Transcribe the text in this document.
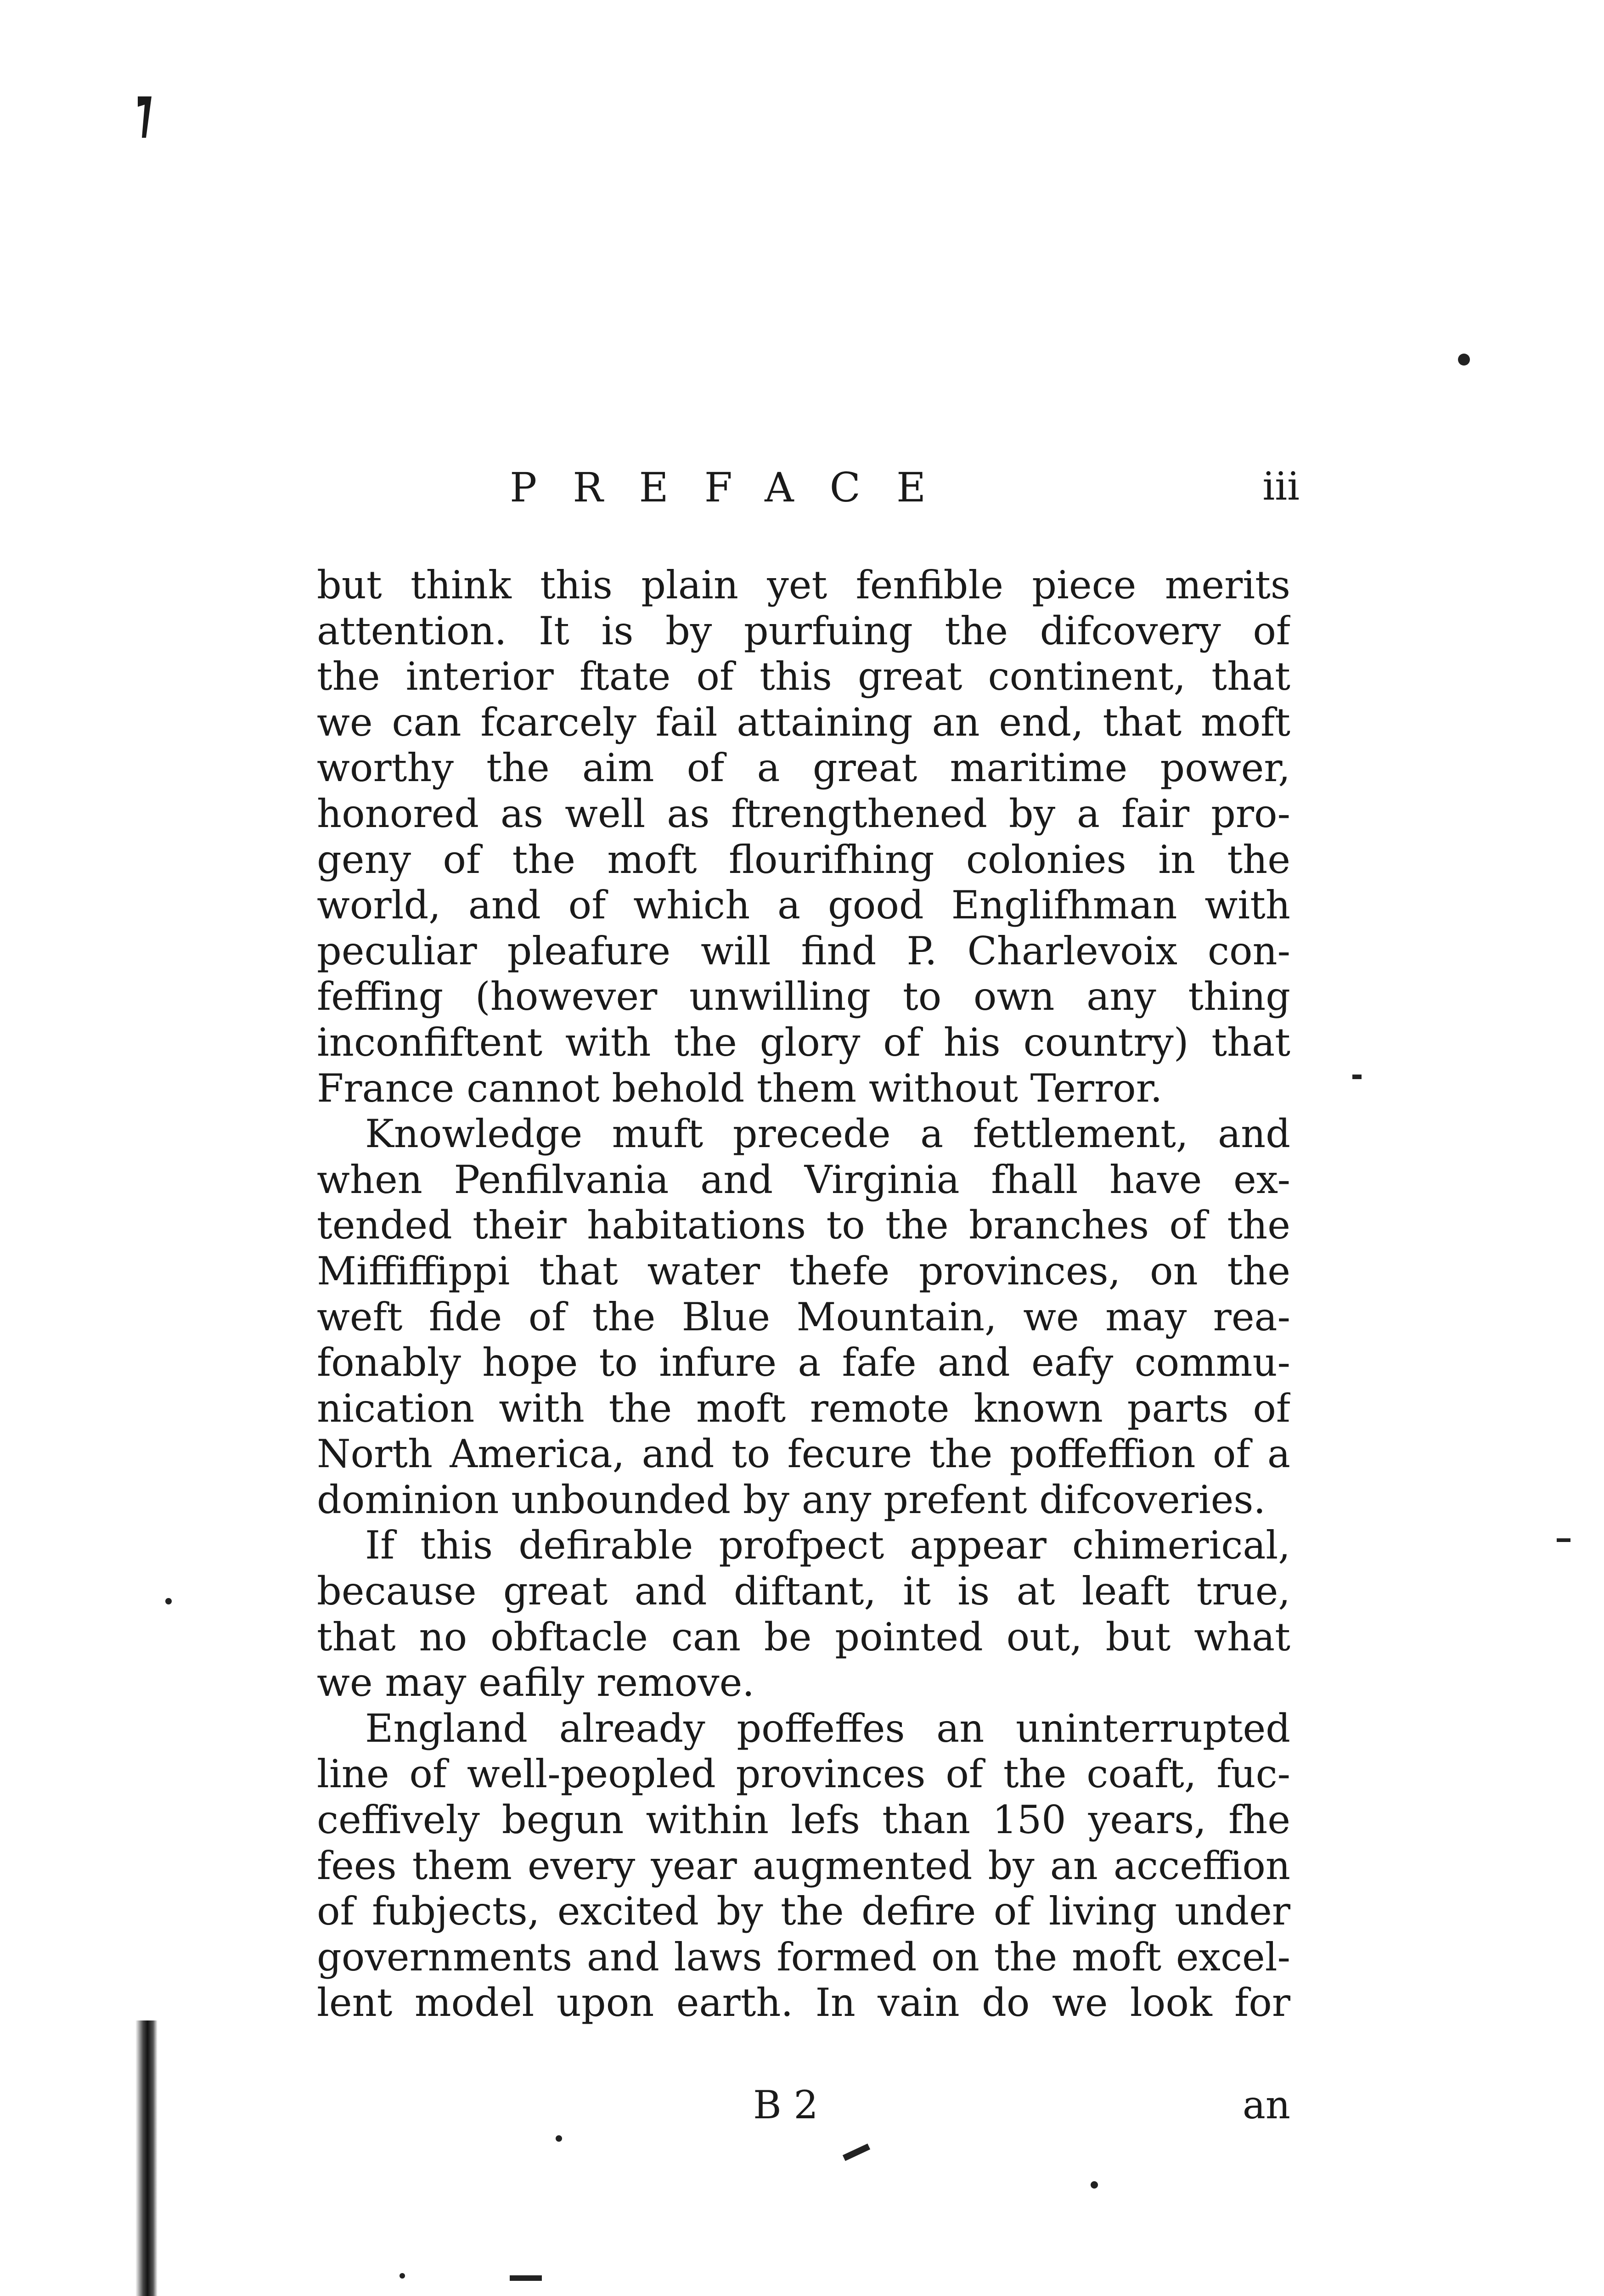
PREFACE	iii
but think this plain yet fenfible piece merits
attention. It is by purfuing the difcovery of
the interior ftate of this great continent, that
we can fcarcely fail attaining an end, that moft
worthy the aim of a great maritime power,
honored as well as ftrengthened by a fair pro-
geny of the moft flourifhing colonies in the
world, and of which a good Englifhman with
peculiar pleafure will find P. Charlevoix con-
feffing (however unwilling to own any thing
inconfiftent with the glory of his country) that
France cannot behold them without Terror.
Knowledge muft precede a fettlement, and
when Penfilvania and Virginia fhall have ex-
tended their habitations to the branches of the
Miffiffippi that water thefe provinces, on the
weft fide of the Blue Mountain, we may rea-
fonably hope to infure a fafe and eafy commu-
nication with the moft remote known parts of
North America, and to fecure the poffeffion of a
dominion unbounded by any prefent difcoveries.
If this defirable profpect appear chimerical,
because great and diftant, it is at leaft true,
that no obftacle can be pointed out, but what
we may eafily remove.
England already poffeffes an uninterrupted
line of well-peopled provinces of the coaft, fuc-
ceffively begun within lefs than 150 years, fhe
fees them every year augmented by an acceffion
of fubjects, excited by the defire of living under
governments and laws formed on the moft excel-
lent model upon earth. In vain do we look for
B 2	an
